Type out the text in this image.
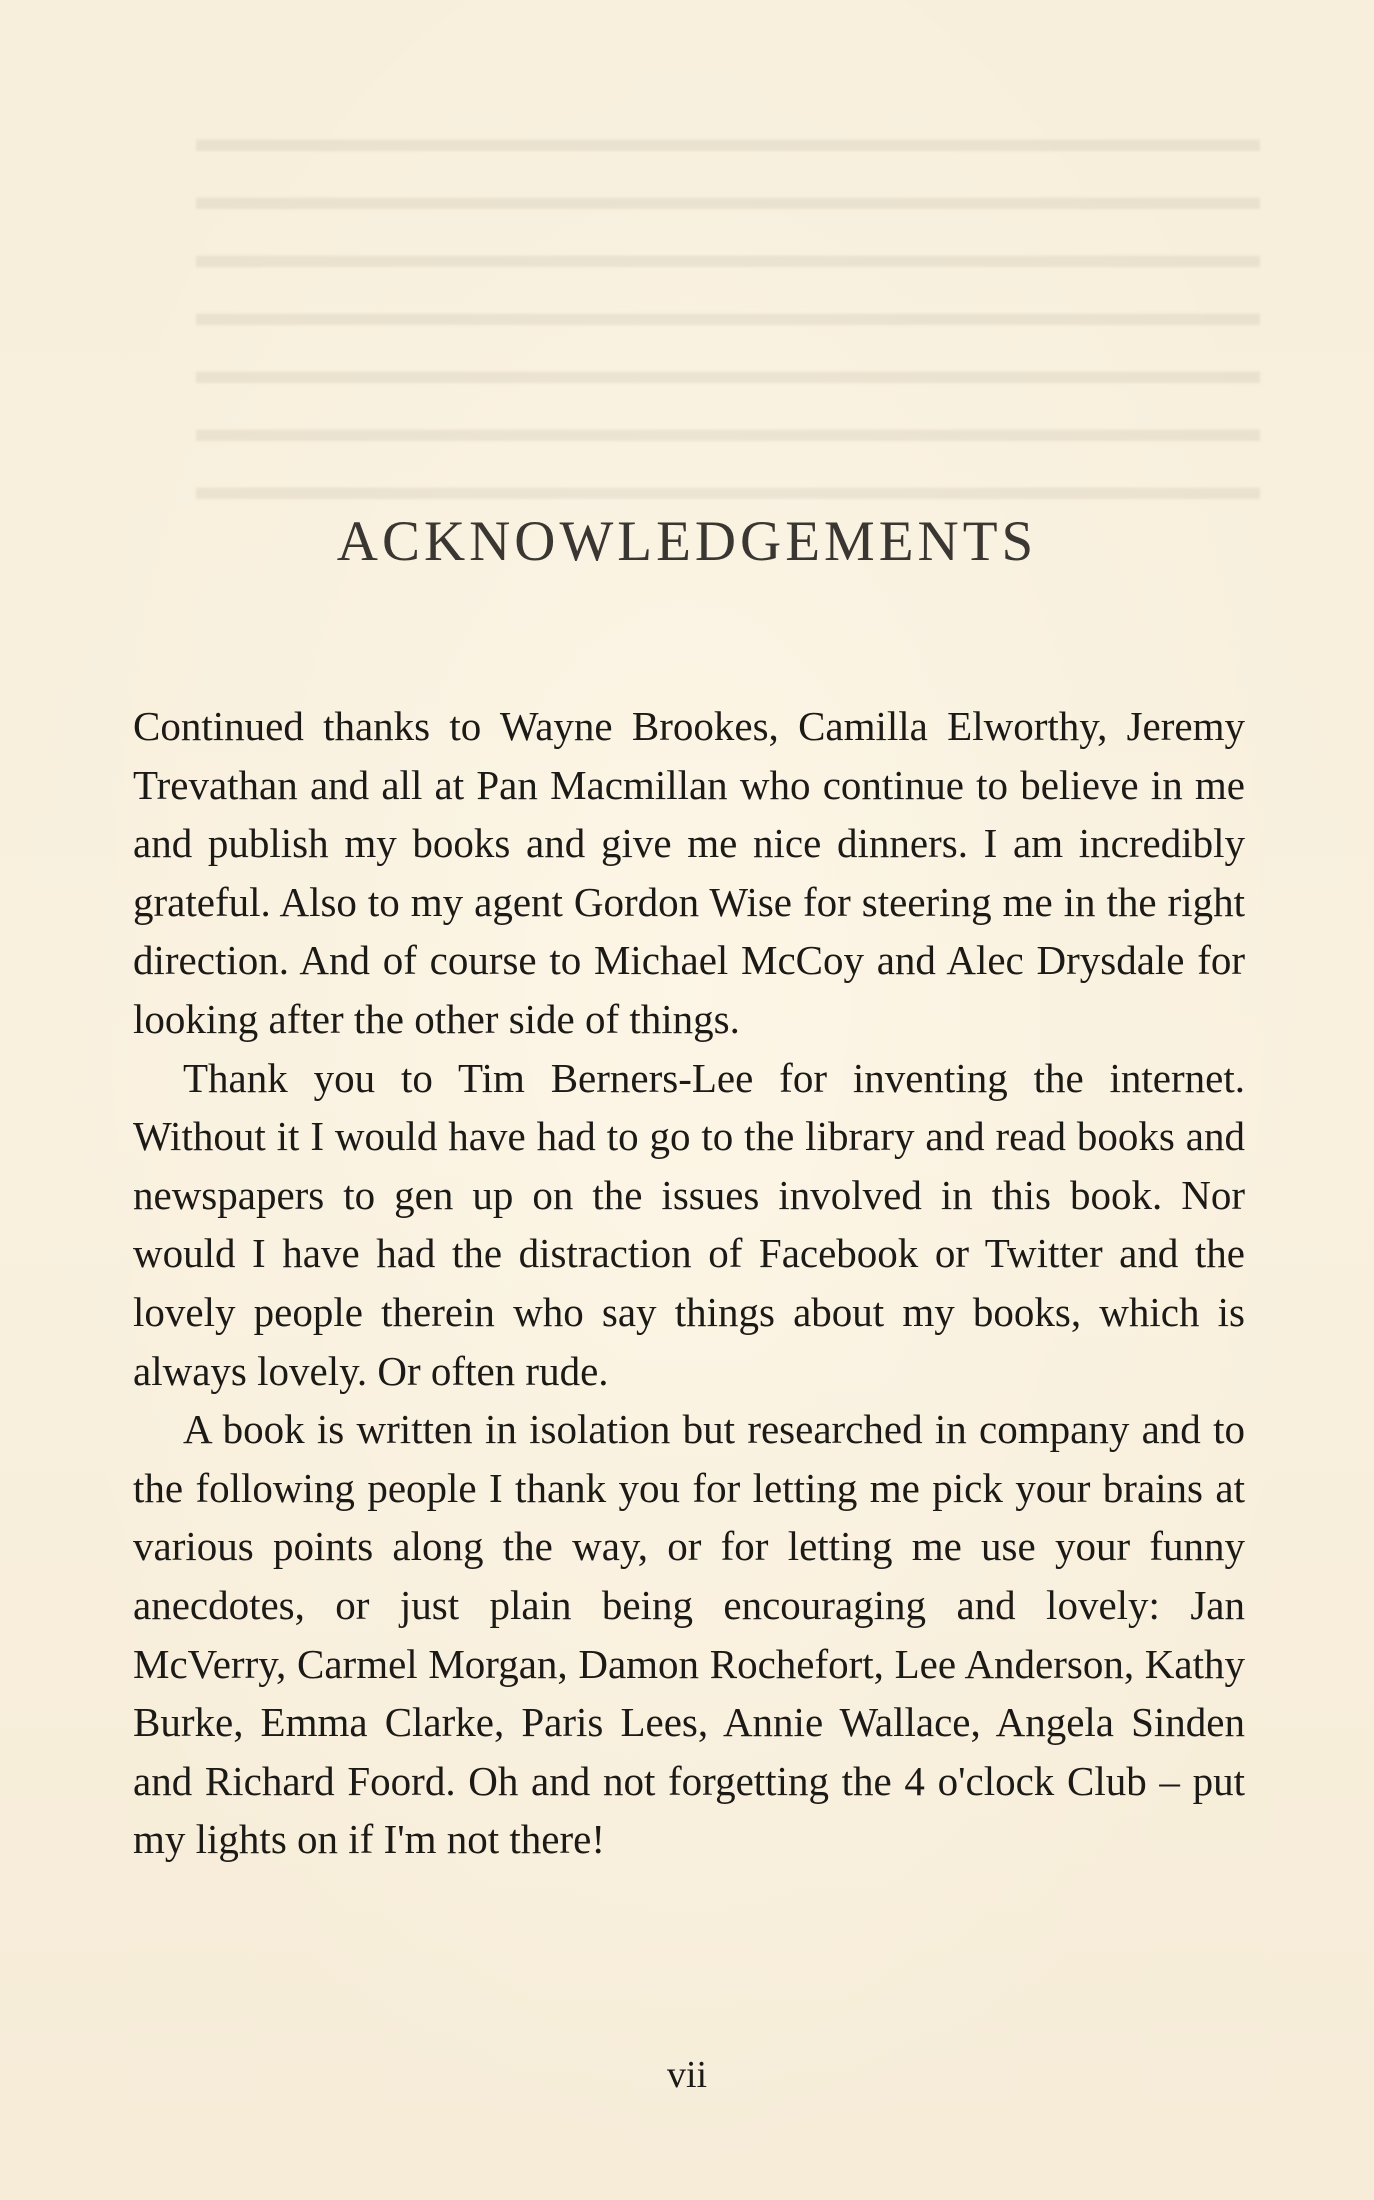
▬▬▬▬▬▬▬▬▬▬▬▬▬▬▬▬▬▬▬▬▬▬▬▬▬▬▬▬
▬▬▬▬▬▬▬▬▬▬▬▬▬▬▬▬▬▬▬▬▬▬▬▬▬▬▬▬
▬▬▬▬▬▬▬▬▬▬▬▬▬▬▬▬▬▬▬▬▬▬▬▬▬▬▬▬
▬▬▬▬▬▬▬▬▬▬▬▬▬▬▬▬▬▬▬▬▬▬▬▬▬▬▬▬
▬▬▬▬▬▬▬▬▬▬▬▬▬▬▬▬▬▬▬▬▬▬▬▬▬▬▬▬
▬▬▬▬▬▬▬▬▬▬▬▬▬▬▬▬▬▬▬▬▬▬▬▬▬▬▬▬
▬▬▬▬▬▬▬▬▬▬▬▬▬▬▬▬▬▬▬▬▬▬▬▬▬▬▬▬
ACKNOWLEDGEMENTS

Continued thanks to Wayne Brookes, Camilla Elworthy, Jeremy Trevathan and all at Pan Macmillan who continue to believe in me and publish my books and give me nice dinners. I am incredibly grateful. Also to my agent Gordon Wise for steering me in the right direction. And of course to Michael McCoy and Alec Drysdale for looking after the other side of things.

Thank you to Tim Berners-Lee for inventing the internet. Without it I would have had to go to the library and read books and newspapers to gen up on the issues involved in this book. Nor would I have had the distraction of Facebook or Twitter and the lovely people therein who say things about my books, which is always lovely. Or often rude.

A book is written in isolation but researched in company and to the following people I thank you for letting me pick your brains at various points along the way, or for letting me use your funny anecdotes, or just plain being encouraging and lovely: Jan McVerry, Carmel Morgan, Damon Rochefort, Lee Anderson, Kathy Burke, Emma Clarke, Paris Lees, Annie Wallace, Angela Sinden and Richard Foord. Oh and not forgetting the 4 o'clock Club – put my lights on if I'm not there!

vii
